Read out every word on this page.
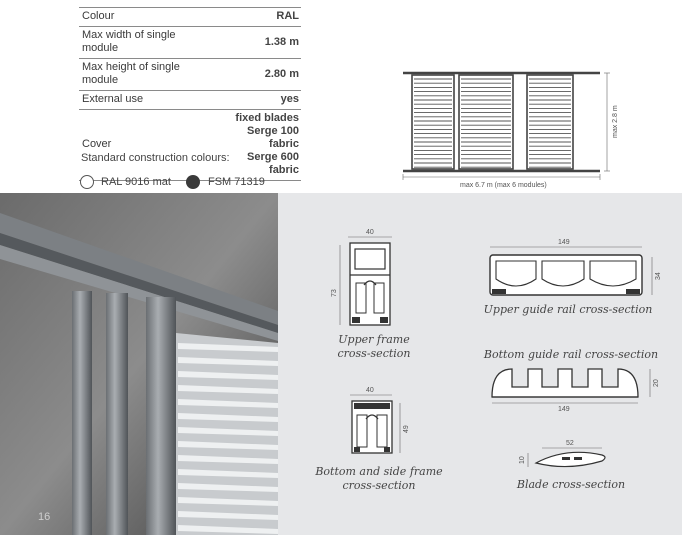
Colour	RAL
Max width of single module	1.38 m
Max height of single module	2.80 m
External use	yes
Cover	fixed blades
Serge 100 fabric
Serge 600 fabric
Standard construction colours:
RAL 9016 mat	FSM 71319
max 2.8 m
max 6.7 m (max 6 modules)
16
40
73
Upper frame
cross-section
40
49
Bottom and side frame
cross-section
149
34
Upper guide rail cross-section
Bottom guide rail cross-section
20
149
52
10
Blade cross-section
